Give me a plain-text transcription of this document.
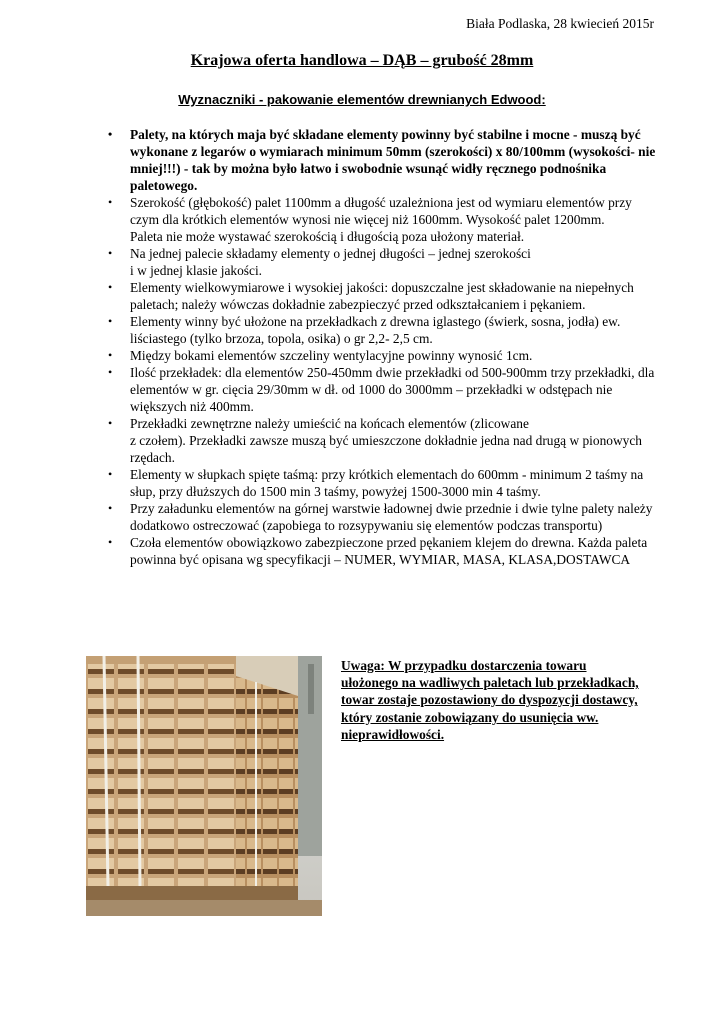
Biała Podlaska, 28 kwiecień 2015r
Krajowa oferta handlowa – DĄB – grubość 28mm
Wyznaczniki - pakowanie elementów drewnianych Edwood:
• Palety, na których maja być składane elementy powinny być stabilne i mocne - muszą być wykonane z legarów o wymiarach minimum 50mm (szerokości) x 80/100mm (wysokości- nie mniej!!!) - tak by można było łatwo i swobodnie wsunąć widły ręcznego podnośnika paletowego.
• Szerokość (głębokość) palet 1100mm a długość uzależniona jest od wymiaru elementów przy czym dla krótkich elementów wynosi nie więcej niż 1600mm. Wysokość palet 1200mm.
Paleta nie może wystawać szerokością i długością poza ułożony materiał.
• Na jednej palecie składamy elementy o jednej długości – jednej szerokości
i w jednej klasie jakości.
• Elementy wielkowymiarowe i wysokiej jakości: dopuszczalne jest składowanie na niepełnych paletach; należy wówczas dokładnie zabezpieczyć przed odkształcaniem i pękaniem.
• Elementy winny być ułożone na przekładkach z drewna iglastego (świerk, sosna, jodła) ew. liściastego (tylko brzoza, topola, osika) o gr 2,2- 2,5 cm.
• Między bokami elementów szczeliny wentylacyjne powinny wynosić 1cm.
• Ilość przekładek: dla elementów 250-450mm dwie przekładki od 500-900mm trzy przekładki, dla elementów w gr. cięcia 29/30mm w dł. od 1000 do 3000mm – przekładki w odstępach nie większych niż 400mm.
• Przekładki zewnętrzne należy umieścić na końcach elementów (zlicowane
z czołem). Przekładki zawsze muszą być umieszczone dokładnie jedna nad drugą w pionowych rzędach.
• Elementy w słupkach spięte taśmą: przy krótkich elementach do 600mm - minimum 2 taśmy na słup, przy dłuższych do 1500 min 3 taśmy, powyżej 1500-3000 min 4 taśmy.
• Przy załadunku elementów na górnej warstwie ładownej dwie przednie i dwie tylne palety należy dodatkowo ostreczować (zapobiega to rozsypywaniu się elementów podczas transportu)
• Czoła elementów obowiązkowo zabezpieczone przed pękaniem klejem do drewna. Każda paleta powinna być opisana wg specyfikacji – NUMER, WYMIAR, MASA, KLASA,DOSTAWCA
Uwaga: W przypadku dostarczenia towaru ułożonego na wadliwych paletach lub przekładkach, towar zostaje pozostawiony do dyspozycji dostawcy, który zostanie zobowiązany do usunięcia ww. nieprawidłowości.
